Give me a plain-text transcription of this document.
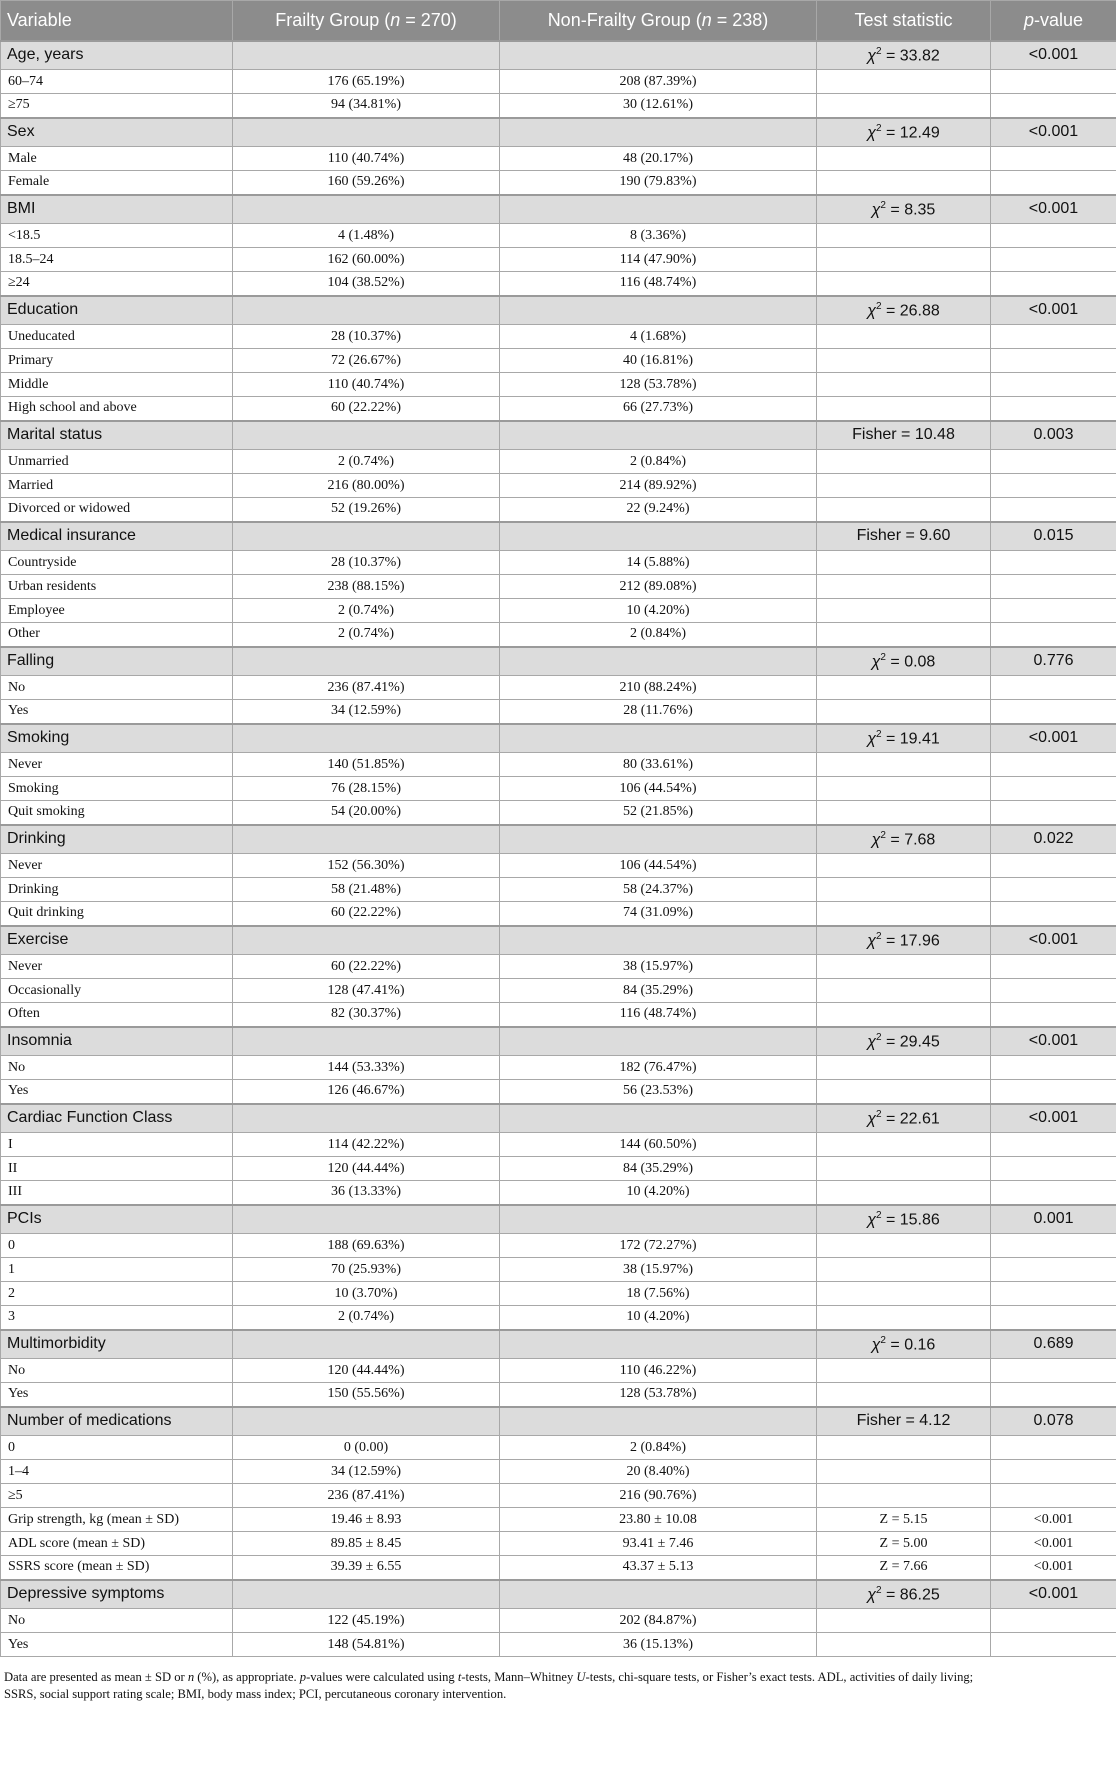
Variable	Frailty Group (n = 270)	Non-Frailty Group (n = 238)	Test statistic	p-value
Age, years			$\chi^2 = 33.82$	<0.001
60–74	176 (65.19%)	208 (87.39%)		
≥75	94 (34.81%)	30 (12.61%)		
Sex			$\chi^2 = 12.49$	<0.001
Male	110 (40.74%)	48 (20.17%)		
Female	160 (59.26%)	190 (79.83%)		
BMI			$\chi^2 = 8.35$	<0.001
<18.5	4 (1.48%)	8 (3.36%)		
18.5–24	162 (60.00%)	114 (47.90%)		
≥24	104 (38.52%)	116 (48.74%)		
Education			$\chi^2 = 26.88$	<0.001
Uneducated	28 (10.37%)	4 (1.68%)		
Primary	72 (26.67%)	40 (16.81%)		
Middle	110 (40.74%)	128 (53.78%)		
High school and above	60 (22.22%)	66 (27.73%)		
Marital status			Fisher = 10.48	0.003
Unmarried	2 (0.74%)	2 (0.84%)		
Married	216 (80.00%)	214 (89.92%)		
Divorced or widowed	52 (19.26%)	22 (9.24%)		
Medical insurance			Fisher = 9.60	0.015
Countryside	28 (10.37%)	14 (5.88%)		
Urban residents	238 (88.15%)	212 (89.08%)		
Employee	2 (0.74%)	10 (4.20%)		
Other	2 (0.74%)	2 (0.84%)		
Falling			$\chi^2 = 0.08$	0.776
No	236 (87.41%)	210 (88.24%)		
Yes	34 (12.59%)	28 (11.76%)		
Smoking			$\chi^2 = 19.41$	<0.001
Never	140 (51.85%)	80 (33.61%)		
Smoking	76 (28.15%)	106 (44.54%)		
Quit smoking	54 (20.00%)	52 (21.85%)		
Drinking			$\chi^2 = 7.68$	0.022
Never	152 (56.30%)	106 (44.54%)		
Drinking	58 (21.48%)	58 (24.37%)		
Quit drinking	60 (22.22%)	74 (31.09%)		
Exercise			$\chi^2 = 17.96$	<0.001
Never	60 (22.22%)	38 (15.97%)		
Occasionally	128 (47.41%)	84 (35.29%)		
Often	82 (30.37%)	116 (48.74%)		
Insomnia			$\chi^2 = 29.45$	<0.001
No	144 (53.33%)	182 (76.47%)		
Yes	126 (46.67%)	56 (23.53%)		
Cardiac Function Class			$\chi^2 = 22.61$	<0.001
I	114 (42.22%)	144 (60.50%)		
II	120 (44.44%)	84 (35.29%)		
III	36 (13.33%)	10 (4.20%)		
PCIs			$\chi^2 = 15.86$	0.001
0	188 (69.63%)	172 (72.27%)		
1	70 (25.93%)	38 (15.97%)		
2	10 (3.70%)	18 (7.56%)		
3	2 (0.74%)	10 (4.20%)		
Multimorbidity			$\chi^2 = 0.16$	0.689
No	120 (44.44%)	110 (46.22%)		
Yes	150 (55.56%)	128 (53.78%)		
Number of medications			Fisher = 4.12	0.078
0	0 (0.00)	2 (0.84%)		
1–4	34 (12.59%)	20 (8.40%)		
≥5	236 (87.41%)	216 (90.76%)		
Grip strength, kg (mean ± SD)	19.46 ± 8.93	23.80 ± 10.08	Z = 5.15	<0.001
ADL score (mean ± SD)	89.85 ± 8.45	93.41 ± 7.46	Z = 5.00	<0.001
SSRS score (mean ± SD)	39.39 ± 6.55	43.37 ± 5.13	Z = 7.66	<0.001
Depressive symptoms			$\chi^2 = 86.25$	<0.001
No	122 (45.19%)	202 (84.87%)		
Yes	148 (54.81%)	36 (15.13%)		

Data are presented as mean ± SD or n (%), as appropriate. p-values were calculated using t-tests, Mann–Whitney U-tests, chi-square tests, or Fisher’s exact tests. ADL, activities of daily living;

SSRS, social support rating scale; BMI, body mass index; PCI, percutaneous coronary intervention.
